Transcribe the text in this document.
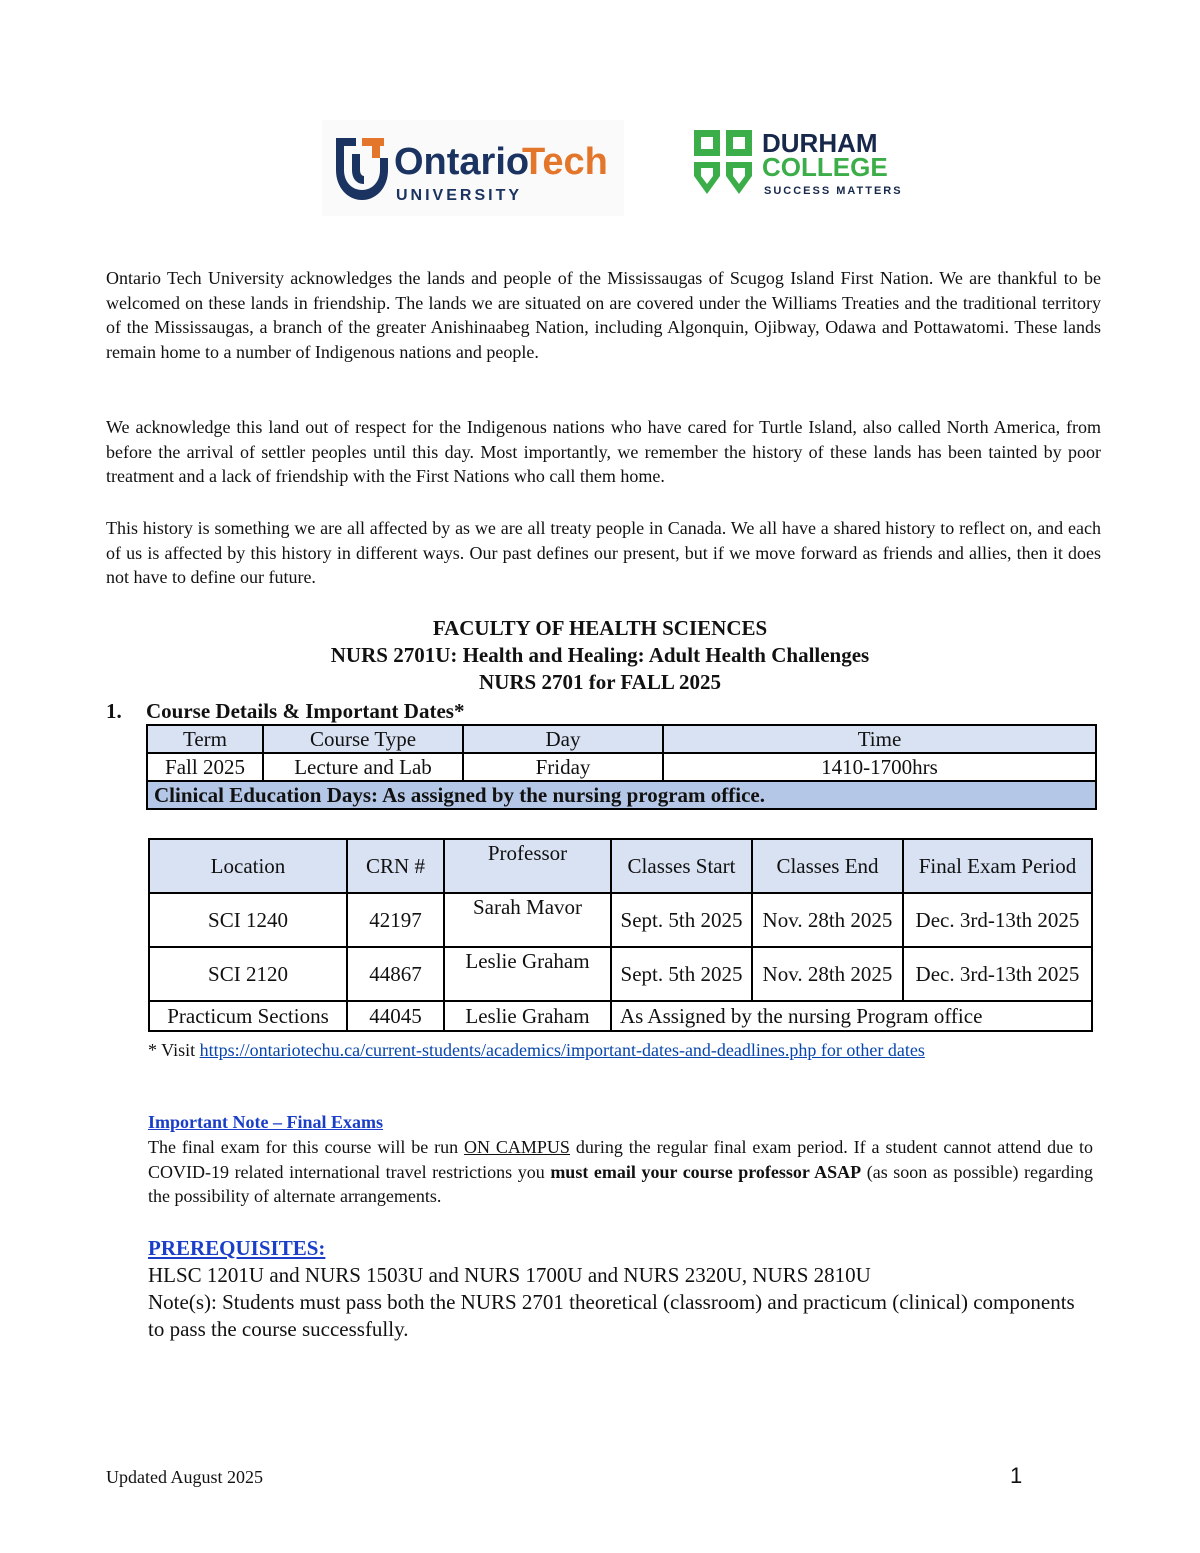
Ontario
Tech
UNIVERSITY
DURHAM
COLLEGE
SUCCESS MATTERS
Ontario Tech University acknowledges the lands and people of the Mississaugas of Scugog Island First Nation. We are thankful to be welcomed on these lands in friendship. The lands we are situated on are covered under the Williams Treaties and the traditional territory of the Mississaugas, a branch of the greater Anishinaabeg Nation, including Algonquin, Ojibway, Odawa and Pottawatomi. These lands remain home to a number of Indigenous nations and people.
We acknowledge this land out of respect for the Indigenous nations who have cared for Turtle Island, also called North America, from before the arrival of settler peoples until this day. Most importantly, we remember the history of these lands has been tainted by poor treatment and a lack of friendship with the First Nations who call them home.
This history is something we are all affected by as we are all treaty people in Canada. We all have a shared history to reflect on, and each of us is affected by this history in different ways. Our past defines our present, but if we move forward as friends and allies, then it does not have to define our future.
FACULTY OF HEALTH SCIENCES
NURS 2701U: Health and Healing: Adult Health Challenges
NURS 2701 for FALL 2025
1. Course Details & Important Dates*
Term	Course Type	Day	Time
Fall 2025	Lecture and Lab	Friday	1410-1700hrs
Clinical Education Days: As assigned by the nursing program office.			
Location	CRN #	Professor	Classes Start	Classes End	Final Exam Period
SCI 1240	42197	Sarah Mavor	Sept. 5th 2025	Nov. 28th 2025	Dec. 3rd-13th 2025
SCI 2120	44867	Leslie Graham	Sept. 5th 2025	Nov. 28th 2025	Dec. 3rd-13th 2025
Practicum Sections	44045	Leslie Graham	As Assigned by the nursing Program office		
* Visit https://ontariotechu.ca/current-students/academics/important-dates-and-deadlines.php for other dates
Important Note – Final Exams
The final exam for this course will be run ON CAMPUS during the regular final exam period. If a student cannot attend due to COVID-19 related international travel restrictions you must email your course professor ASAP (as soon as possible) regarding the possibility of alternate arrangements.
PREREQUISITES:
HLSC 1201U and NURS 1503U and NURS 1700U and NURS 2320U, NURS 2810U
Note(s): Students must pass both the NURS 2701 theoretical (classroom) and practicum (clinical) components to pass the course successfully.
Updated August 2025	1
